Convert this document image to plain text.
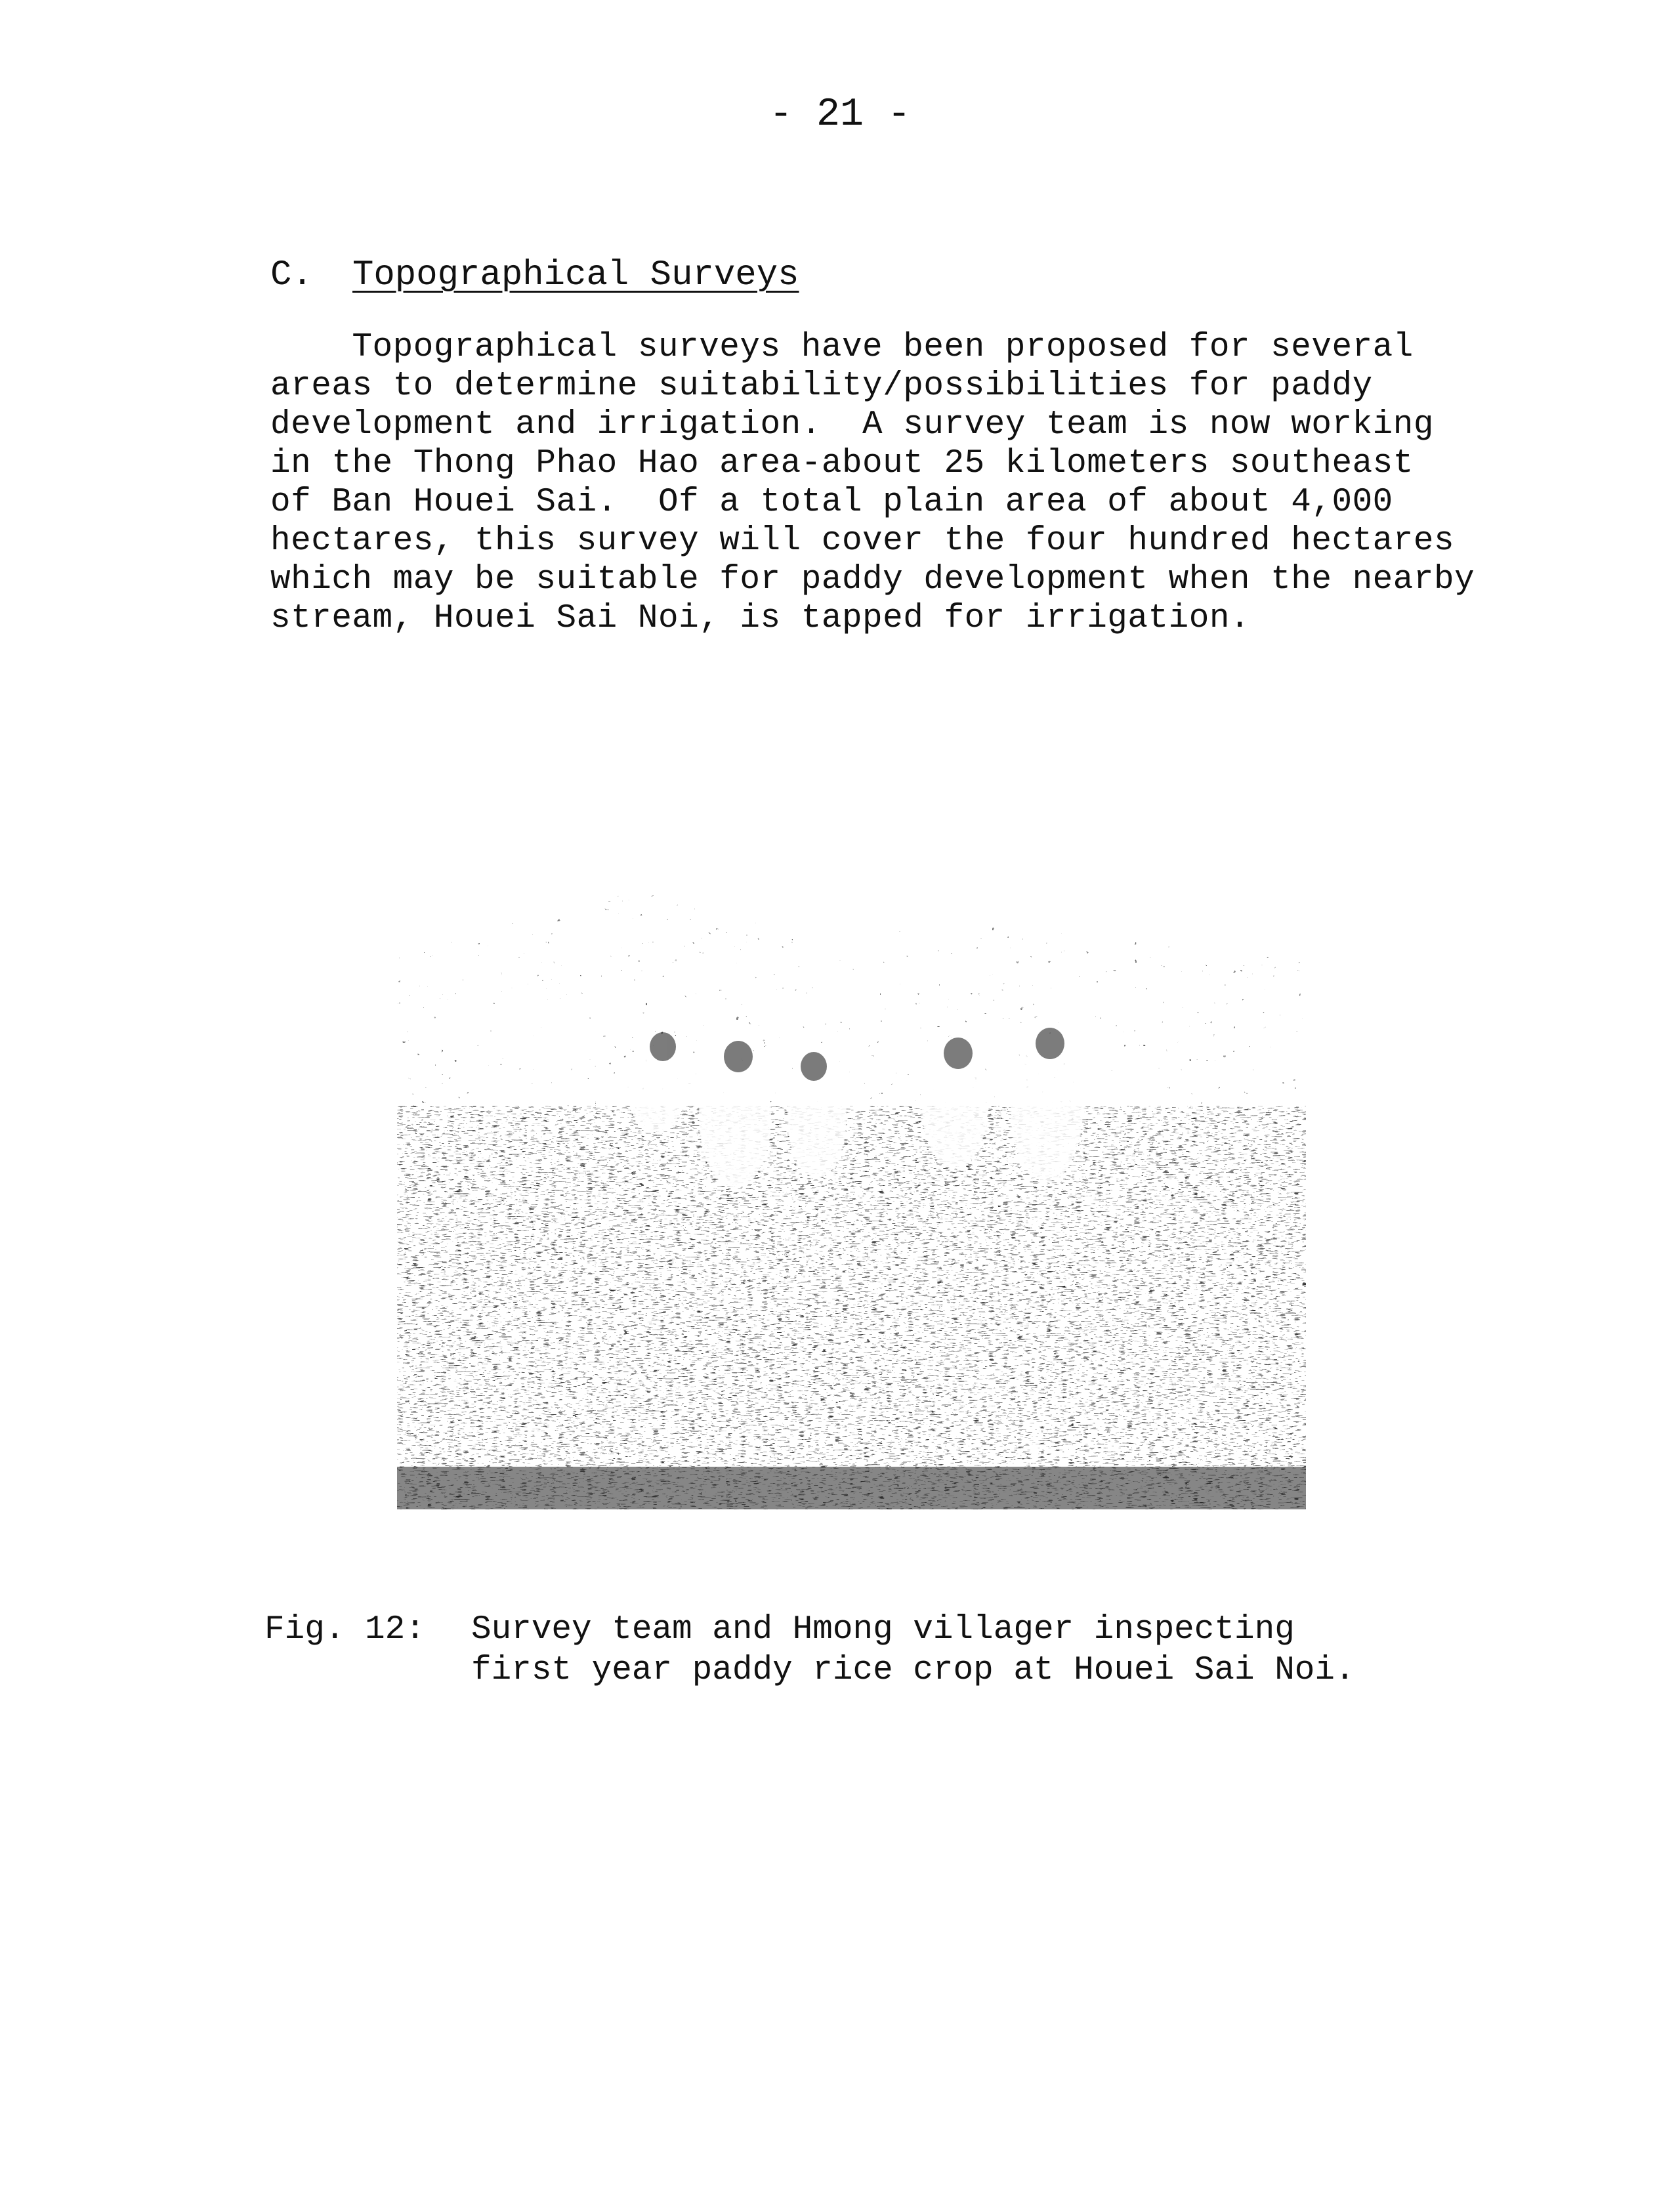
- 21 -
C. Topographical Surveys
Topographical surveys have been proposed for several
areas to determine suitability/possibilities for paddy
development and irrigation.  A survey team is now working
in the Thong Phao Hao area-about 25 kilometers southeast
of Ban Houei Sai.  Of a total plain area of about 4,000
hectares, this survey will cover the four hundred hectares
which may be suitable for paddy development when the nearby
stream, Houei Sai Noi, is tapped for irrigation.
Fig. 12: Survey team and Hmong villager inspecting
first year paddy rice crop at Houei Sai Noi.
